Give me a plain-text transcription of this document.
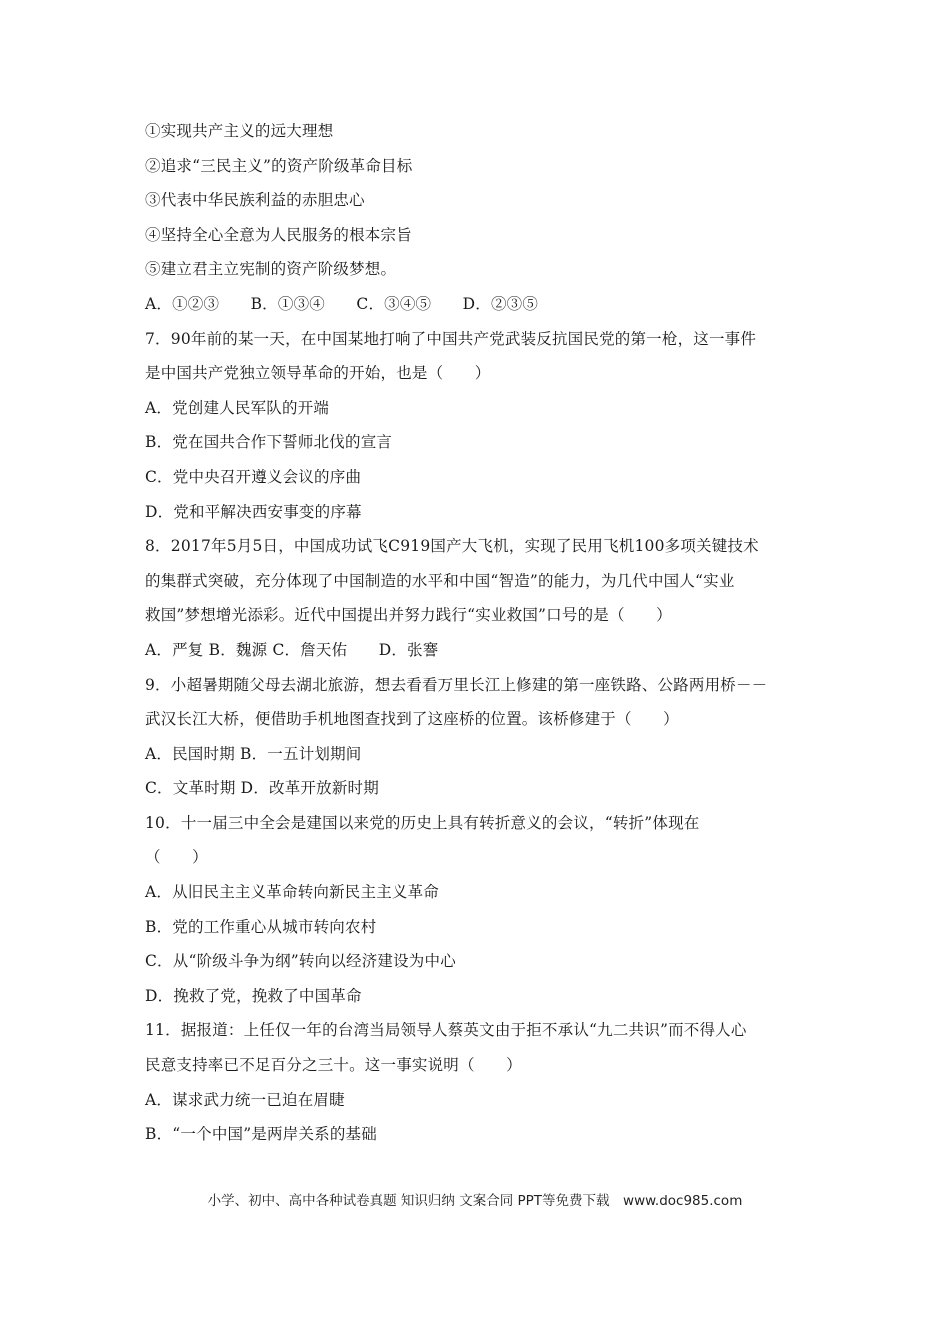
①实现共产主义的远大理想
②追求“三民主义”的资产阶级革命目标
③代表中华民族利益的赤胆忠心
④坚持全心全意为人民服务的根本宗旨
⑤建立君主立宪制的资产阶级梦想。
A．①②③　　B．①③④　　C．③④⑤　　D．②③⑤
7．90年前的某一天，在中国某地打响了中国共产党武装反抗国民党的第一枪，这一事件
是中国共产党独立领导革命的开始，也是（　　）
A．党创建人民军队的开端
B．党在国共合作下誓师北伐的宣言
C．党中央召开遵义会议的序曲
D．党和平解决西安事变的序幕
8．2017年5月5日，中国成功试飞C919国产大飞机，实现了民用飞机100多项关键技术
的集群式突破，充分体现了中国制造的水平和中国“智造”的能力，为几代中国人“实业
救国”梦想增光添彩。近代中国提出并努力践行“实业救国”口号的是（　　）
A．严复 B．魏源 C．詹天佑　　D．张謇
9．小超暑期随父母去湖北旅游，想去看看万里长江上修建的第一座铁路、公路两用桥－－
武汉长江大桥，便借助手机地图查找到了这座桥的位置。该桥修建于（　　）
A．民国时期 B．一五计划期间
C．文革时期 D．改革开放新时期
10．十一届三中全会是建国以来党的历史上具有转折意义的会议，“转折”体现在
（　　）
A．从旧民主主义革命转向新民主主义革命
B．党的工作重心从城市转向农村
C．从“阶级斗争为纲”转向以经济建设为中心
D．挽救了党，挽救了中国革命
11．据报道：上任仅一年的台湾当局领导人蔡英文由于拒不承认“九二共识”而不得人心
民意支持率已不足百分之三十。这一事实说明（　　）
A．谋求武力统一已迫在眉睫
B．“一个中国”是两岸关系的基础
小学、初中、高中各种试卷真题 知识归纳 文案合同 PPT等免费下载　www.doc985.com
